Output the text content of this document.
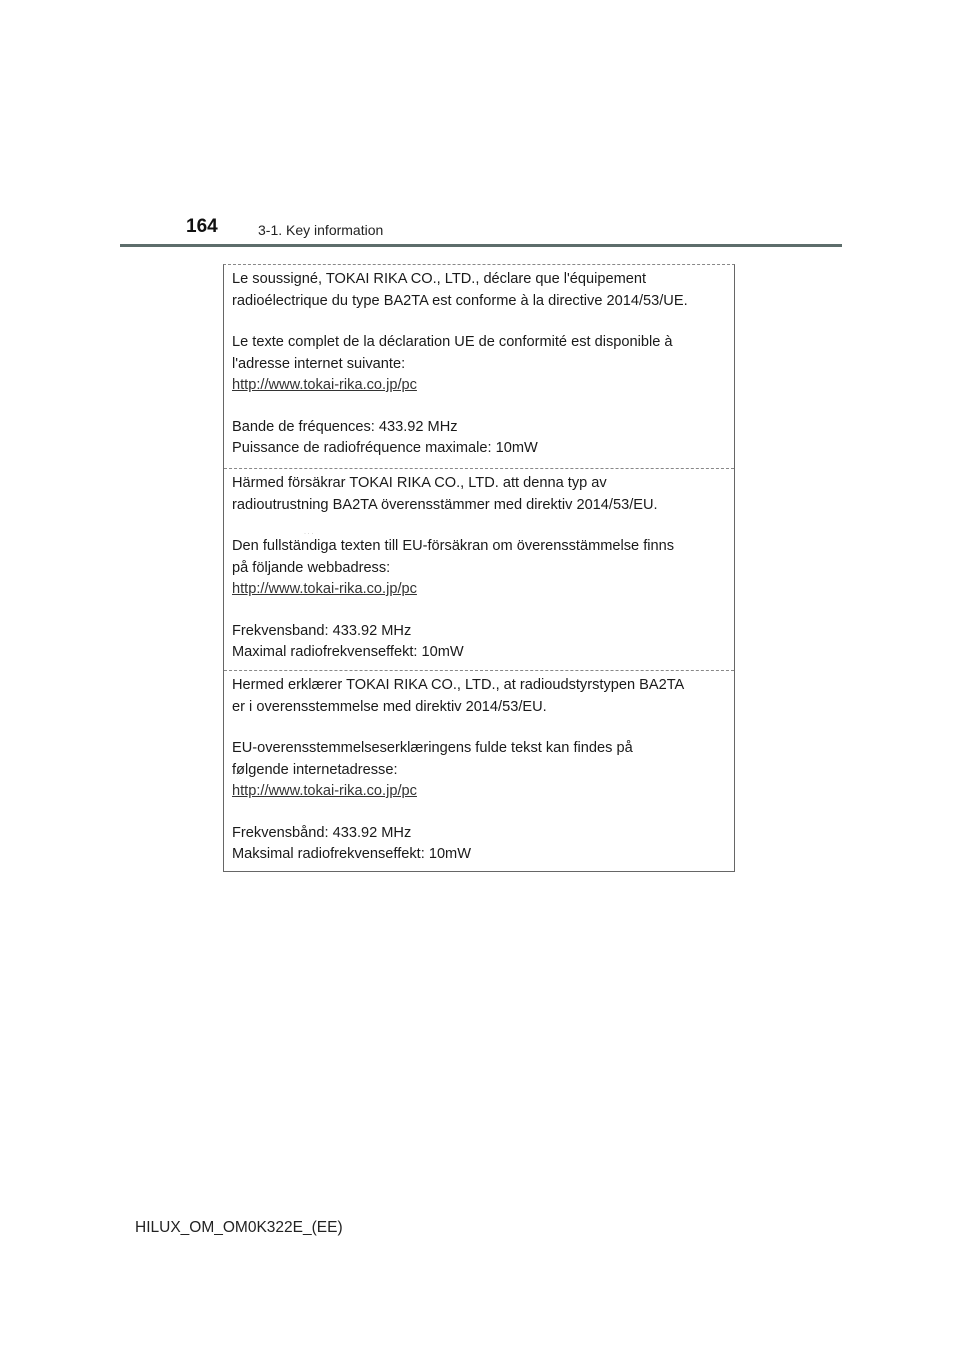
164	3-1. Key information

Le soussigné, TOKAI RIKA CO., LTD., déclare que l'équipement
radioélectrique du type BA2TA est conforme à la directive 2014/53/UE.

Le texte complet de la déclaration UE de conformité est disponible à
l'adresse internet suivante:
http://www.tokai-rika.co.jp/pc

Bande de fréquences: 433.92 MHz
Puissance de radiofréquence maximale: 10mW

Härmed försäkrar TOKAI RIKA CO., LTD. att denna typ av
radioutrustning BA2TA överensstämmer med direktiv 2014/53/EU.

· · ·

Den fullständiga texten till EU-försäkran om överensstämmelse finns
på följande webbadress:
http://www.tokai-rika.co.jp/pc

Frekvensband: 433.92 MHz
Maximal radiofrekvenseffekt: 10mW

Hermed erklærer TOKAI RIKA CO., LTD., at radioudstyrstypen BA2TA
er i overensstemmelse med direktiv 2014/53/EU.

EU-overensstemmelseserklæringens fulde tekst kan findes på
følgende internetadresse:
http://www.tokai-rika.co.jp/pc

Frekvensbånd: 433.92 MHz
Maksimal radiofrekvenseffekt: 10mW

HILUX_OM_OM0K322E_(EE)
